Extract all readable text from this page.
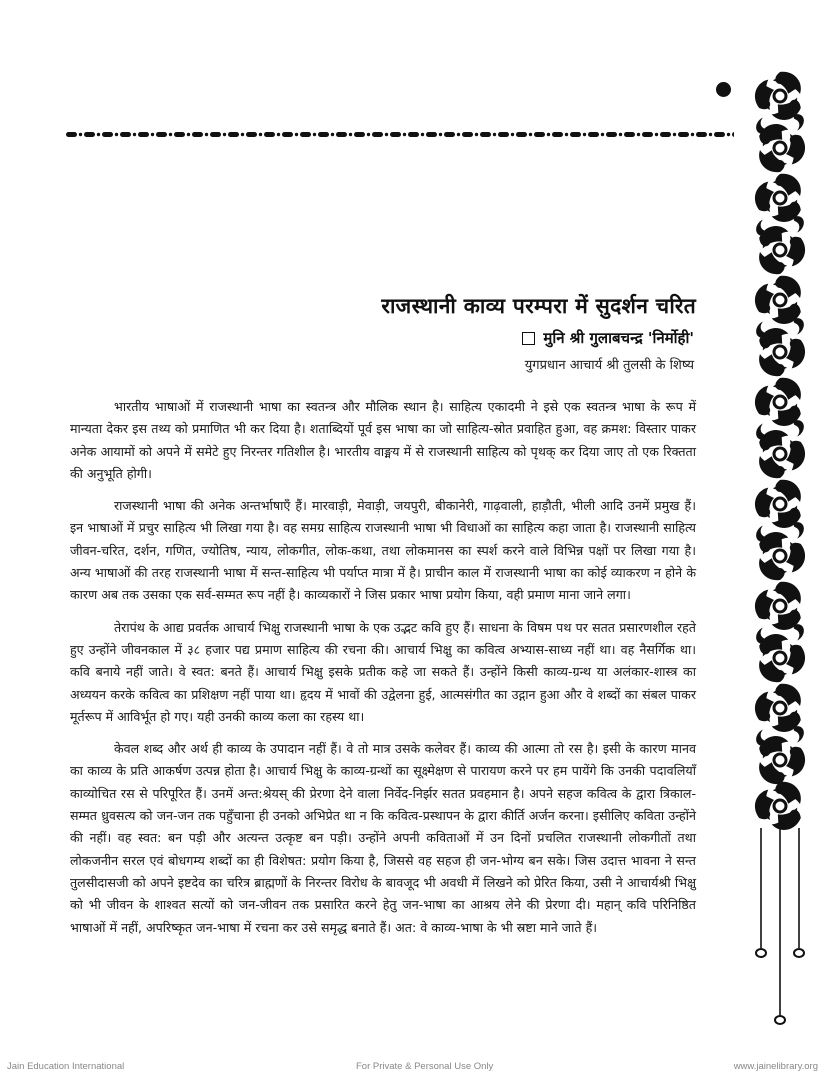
राजस्थानी काव्य परम्परा में सुदर्शन चरित
मुनि श्री गुलाबचन्द्र 'निर्मोही'
युगप्रधान आचार्य श्री तुलसी के शिष्य

भारतीय भाषाओं में राजस्थानी भाषा का स्वतन्त्र और मौलिक स्थान है। साहित्य एकादमी ने इसे एक स्वतन्त्र भाषा के रूप में मान्यता देकर इस तथ्य को प्रमाणित भी कर दिया है। शताब्दियों पूर्व इस भाषा का जो साहित्य-स्रोत प्रवाहित हुआ, वह क्रमश: विस्तार पाकर अनेक आयामों को अपने में समेटे हुए निरन्तर गतिशील है। भारतीय वाङ्मय में से राजस्थानी साहित्य को पृथक् कर दिया जाए तो एक रिक्तता की अनुभूति होगी।

राजस्थानी भाषा की अनेक अन्तर्भाषाएँ हैं। मारवाड़ी, मेवाड़ी, जयपुरी, बीकानेरी, गाढ़वाली, हाड़ौती, भीली आदि उनमें प्रमुख हैं। इन भाषाओं में प्रचुर साहित्य भी लिखा गया है। वह समग्र साहित्य राजस्थानी भाषा भी विधाओं का साहित्य कहा जाता है। राजस्थानी साहित्य जीवन-चरित, दर्शन, गणित, ज्योतिष, न्याय, लोकगीत, लोक-कथा, तथा लोकमानस का स्पर्श करने वाले विभिन्न पक्षों पर लिखा गया है। अन्य भाषाओं की तरह राजस्थानी भाषा में सन्त-साहित्य भी पर्याप्त मात्रा में है। प्राचीन काल में राजस्थानी भाषा का कोई व्याकरण न होने के कारण अब तक उसका एक सर्व-सम्मत रूप नहीं है। काव्यकारों ने जिस प्रकार भाषा प्रयोग किया, वही प्रमाण माना जाने लगा।

तेरापंथ के आद्य प्रवर्तक आचार्य भिक्षु राजस्थानी भाषा के एक उद्भट कवि हुए हैं। साधना के विषम पथ पर सतत प्रसारणशील रहते हुए उन्होंने जीवनकाल में ३८ हजार पद्य प्रमाण साहित्य की रचना की। आचार्य भिक्षु का कवित्व अभ्यास-साध्य नहीं था। वह नैसर्गिक था। कवि बनाये नहीं जाते। वे स्वत: बनते हैं। आचार्य भिक्षु इसके प्रतीक कहे जा सकते हैं। उन्होंने किसी काव्य-ग्रन्थ या अलंकार-शास्त्र का अध्ययन करके कवित्व का प्रशिक्षण नहीं पाया था। हृदय में भावों की उद्वेलना हुई, आत्मसंगीत का उद्गान हुआ और वे शब्दों का संबल पाकर मूर्तरूप में आविर्भूत हो गए। यही उनकी काव्य कला का रहस्य था।

केवल शब्द और अर्थ ही काव्य के उपादान नहीं हैं। वे तो मात्र उसके कलेवर हैं। काव्य की आत्मा तो रस है। इसी के कारण मानव का काव्य के प्रति आकर्षण उत्पन्न होता है। आचार्य भिक्षु के काव्य-ग्रन्थों का सूक्ष्मेक्षण से पारायण करने पर हम पायेंगे कि उनकी पदावलियाँ काव्योचित रस से परिपूरित हैं। उनमें अन्त:श्रेयस् की प्रेरणा देने वाला निर्वेद-निर्झर सतत प्रवहमान है। अपने सहज कवित्व के द्वारा त्रिकाल-सम्मत ध्रुवसत्य को जन-जन तक पहुँचाना ही उनको अभिप्रेत था न कि कवित्व-प्रस्थापन के द्वारा कीर्ति अर्जन करना। इसीलिए कविता उन्होंने की नहीं। वह स्वत: बन पड़ी और अत्यन्त उत्कृष्ट बन पड़ी। उन्होंने अपनी कविताओं में उन दिनों प्रचलित राजस्थानी लोकगीतों तथा लोकजनीन सरल एवं बोधगम्य शब्दों का ही विशेषत: प्रयोग किया है, जिससे वह सहज ही जन-भोग्य बन सके। जिस उदात्त भावना ने सन्त तुलसीदासजी को अपने इष्टदेव का चरित्र ब्राह्मणों के निरन्तर विरोध के बावजूद भी अवधी में लिखने को प्रेरित किया, उसी ने आचार्यश्री भिक्षु को भी जीवन के शाश्वत सत्यों को जन-जीवन तक प्रसारित करने हेतु जन-भाषा का आश्रय लेने की प्रेरणा दी। महान् कवि परिनिष्ठित भाषाओं में नहीं, अपरिष्कृत जन-भाषा में रचना कर उसे समृद्ध बनाते हैं। अत: वे काव्य-भाषा के भी स्रष्टा माने जाते हैं।

Jain Education International	For Private & Personal Use Only	www.jainelibrary.org
